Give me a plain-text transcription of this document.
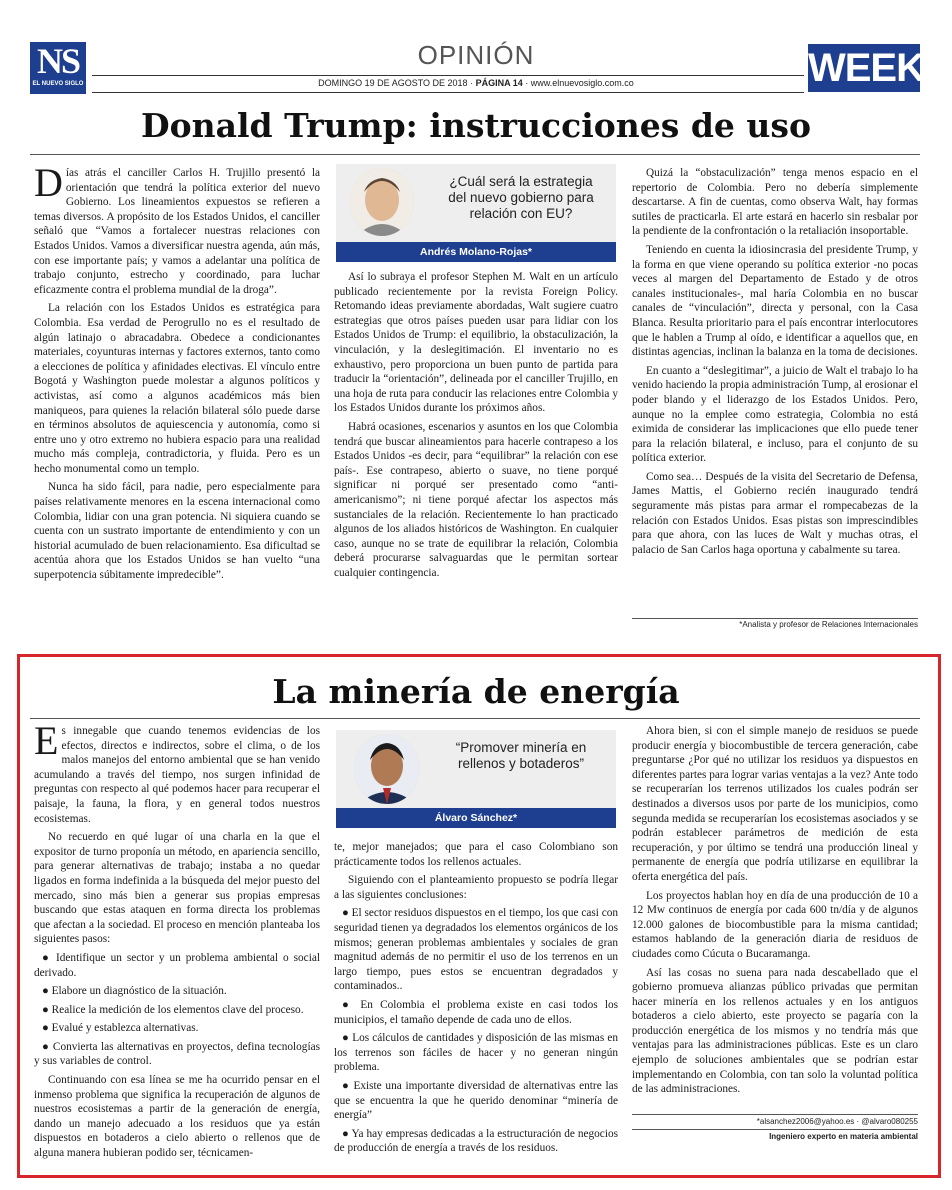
NS
EL NUEVO SIGLO
OPINIÓN
DOMINGO 19 DE AGOSTO DE 2018 · PÁGINA 14 · www.elnuevosiglo.com.co	WEEK
Donald Trump: instrucciones de uso

Días atrás el canciller Carlos H. Trujillo presentó la orientación que tendrá la política exterior del nuevo Gobierno. Los lineamientos expuestos se refieren a temas diversos. A propósito de los Estados Unidos, el canciller señaló que “Vamos a fortalecer nuestras relaciones con Estados Unidos. Vamos a diversificar nuestra agenda, aún más, con ese importante país; y vamos a adelantar una política de trabajo conjunto, estrecho y coordinado, para luchar eficazmente contra el problema mundial de la droga”.

La relación con los Estados Unidos es estratégica para Colombia. Esa verdad de Perogrullo no es el resultado de algún latinajo o abracadabra. Obedece a condicionantes materiales, coyunturas internas y factores externos, tanto como a elecciones de política y afinidades electivas. El vínculo entre Bogotá y Washington puede molestar a algunos políticos y activistas, así como a algunos académicos más bien maniqueos, para quienes la relación bilateral sólo puede darse en términos absolutos de aquiescencia y autonomía, como si entre uno y otro extremo no hubiera espacio para una realidad mucho más compleja, contradictoria, y fluida. Pero es un hecho monumental como un templo.

Nunca ha sido fácil, para nadie, pero especialmente para países relativamente menores en la escena internacional como Colombia, lidiar con una gran potencia. Ni siquiera cuando se cuenta con un sustrato importante de entendimiento y con un historial acumulado de buen relacionamiento. Esa dificultad se acentúa ahora que los Estados Unidos se han vuelto “una superpotencia súbitamente impredecible”.

¿Cuál será la estrategia del nuevo gobierno para relación con EU?
Andrés Molano-Rojas*

Así lo subraya el profesor Stephen M. Walt en un artículo publicado recientemente por la revista Foreign Policy. Retomando ideas previamente abordadas, Walt sugiere cuatro estrategias que otros países pueden usar para lidiar con los Estados Unidos de Trump: el equilibrio, la obstaculización, la vinculación, y la deslegitimación. El inventario no es exhaustivo, pero proporciona un buen punto de partida para traducir la “orientación”, delineada por el canciller Trujillo, en una hoja de ruta para conducir las relaciones entre Colombia y los Estados Unidos durante los próximos años.

Habrá ocasiones, escenarios y asuntos en los que Colombia tendrá que buscar alineamientos para hacerle contrapeso a los Estados Unidos -es decir, para “equilibrar” la relación con ese país-. Ese contrapeso, abierto o suave, no tiene porqué significar ni porqué ser presentado como “anti-americanismo”; ni tiene porqué afectar los aspectos más sustanciales de la relación. Recientemente lo han practicado algunos de los aliados históricos de Washington. En cualquier caso, aunque no se trate de equilibrar la relación, Colombia deberá procurarse salvaguardas que le permitan sortear cualquier contingencia.

Quizá la “obstaculización” tenga menos espacio en el repertorio de Colombia. Pero no debería simplemente descartarse. A fin de cuentas, como observa Walt, hay formas sutiles de practicarla. El arte estará en hacerlo sin resbalar por la pendiente de la confrontación o la retaliación insoportable.

Teniendo en cuenta la idiosincrasia del presidente Trump, y la forma en que viene operando su política exterior -no pocas veces al margen del Departamento de Estado y de otros canales institucionales-, mal haría Colombia en no buscar canales de “vinculación”, directa y personal, con la Casa Blanca. Resulta prioritario para el país encontrar interlocutores que le hablen a Trump al oído, e identificar a aquellos que, en distintas agencias, inclinan la balanza en la toma de decisiones.

En cuanto a “deslegitimar”, a juicio de Walt el trabajo lo ha venido haciendo la propia administración Tump, al erosionar el poder blando y el liderazgo de los Estados Unidos. Pero, aunque no la emplee como estrategia, Colombia no está eximida de considerar las implicaciones que ello puede tener para la relación bilateral, e incluso, para el conjunto de su política exterior.

Como sea… Después de la visita del Secretario de Defensa, James Mattis, el Gobierno recién inaugurado tendrá seguramente más pistas para armar el rompecabezas de la relación con Estados Unidos. Esas pistas son imprescindibles para que ahora, con las luces de Walt y muchas otras, el palacio de San Carlos haga oportuna y cabalmente su tarea.

*Analista y profesor de Relaciones Internacionales
La minería de energía

Es innegable que cuando tenemos evidencias de los efectos, directos e indirectos, sobre el clima, o de los malos manejos del entorno ambiental que se han venido acumulando a través del tiempo, nos surgen infinidad de preguntas con respecto al qué podemos hacer para recuperar el paisaje, la fauna, la flora, y en general todos nuestros ecosistemas.

No recuerdo en qué lugar oí una charla en la que el expositor de turno proponía un método, en apariencia sencillo, para generar alternativas de trabajo; instaba a no quedar ligados en forma indefinida a la búsqueda del mejor puesto del mercado, sino más bien a generar sus propias empresas buscando que estas ataquen en forma directa los problemas que afectan a la sociedad. El proceso en mención planteaba los siguientes pasos:

● Identifique un sector y un problema ambiental o social derivado.

● Elabore un diagnóstico de la situación.

● Realice la medición de los elementos clave del proceso.

● Evalué y establezca alternativas.

● Convierta las alternativas en proyectos, defina tecnologías y sus variables de control.

Continuando con esa línea se me ha ocurrido pensar en el inmenso problema que significa la recuperación de algunos de nuestros ecosistemas a partir de la generación de energía, dando un manejo adecuado a los residuos que ya están dispuestos en botaderos a cielo abierto o rellenos que de alguna manera hubieran podido ser, técnicamen-

“Promover minería en rellenos y botaderos”
Álvaro Sánchez*

te, mejor manejados; que para el caso Colombiano son prácticamente todos los rellenos actuales.

Siguiendo con el planteamiento propuesto se podría llegar a las siguientes conclusiones:

● El sector residuos dispuestos en el tiempo, los que casi con seguridad tienen ya degradados los elementos orgánicos de los mismos; generan problemas ambientales y sociales de gran magnitud además de no permitir el uso de los terrenos en un largo tiempo, pues estos se encuentran degradados y contaminados..

● En Colombia el problema existe en casi todos los municipios, el tamaño depende de cada uno de ellos.

● Los cálculos de cantidades y disposición de las mismas en los terrenos son fáciles de hacer y no generan ningún problema.

● Existe una importante diversidad de alternativas entre las que se encuentra la que he querido denominar “minería de energía”

● Ya hay empresas dedicadas a la estructuración de negocios de producción de energía a través de los residuos.

Ahora bien, si con el simple manejo de residuos se puede producir energía y biocombustible de tercera generación, cabe preguntarse ¿Por qué no utilizar los residuos ya dispuestos en diferentes partes para lograr varias ventajas a la vez? Ante todo se recuperarían los terrenos utilizados los cuales podrán ser destinados a diversos usos por parte de los municipios, como segunda medida se recuperarían los ecosistemas asociados y se podrán establecer parámetros de medición de esta recuperación, y por último se tendrá una producción lineal y permanente de energía que podría utilizarse en equilibrar la oferta energética del país.

Los proyectos hablan hoy en día de una producción de 10 a 12 Mw continuos de energía por cada 600 tn/día y de algunos 12.000 galones de biocombustible para la misma cantidad; estamos hablando de la generación diaria de residuos de ciudades como Cúcuta o Bucaramanga.

Así las cosas no suena para nada descabellado que el gobierno promueva alianzas público privadas que permitan hacer minería en los rellenos actuales y en los antiguos botaderos a cielo abierto, este proyecto se pagaría con la producción energética de los mismos y no tendría más que ventajas para las administraciones públicas. Este es un claro ejemplo de soluciones ambientales que se podrían estar implementando en Colombia, con tan solo la voluntad política de las administraciones.

*alsanchez2006@yahoo.es · @alvaro080255
Ingeniero experto en materia ambiental
